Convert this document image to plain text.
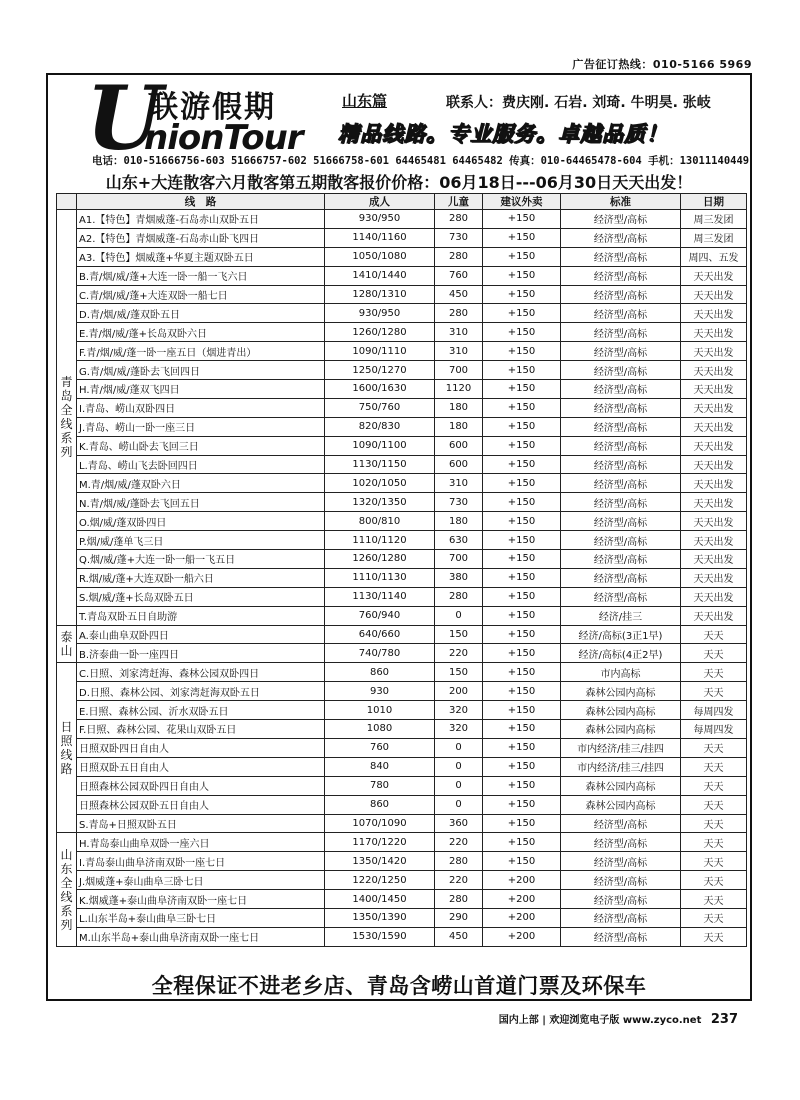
广告征订热线：010-5166 5969
U
联游假期
nionTour
山东篇	联系人：费庆刚. 石岩. 刘琦. 牛明昊. 张岐
精品线路。专业服务。卓越品质！
电话：010-51666756-603 51666757-602 51666758-601 64465481 64465482 传真：010-64465478-604 手机：13011140449
山东+大连散客六月散客第五期散客报价价格：06月18日---06月30日天天出发！
	线　路	成人	儿童	建议外卖	标准	日期
青岛全线系列	A1.【特色】青烟威蓬-石岛赤山双卧五日	930/950	280	+150	经济型/高标	周三发团
	A2.【特色】青烟威蓬-石岛赤山卧飞四日	1140/1160	730	+150	经济型/高标	周三发团
	A3.【特色】烟威蓬+华夏主题双卧五日	1050/1080	280	+150	经济型/高标	周四、五发
	B.青/烟/威/蓬+大连一卧一船一飞六日	1410/1440	760	+150	经济型/高标	天天出发
	C.青/烟/威/蓬+大连双卧一船七日	1280/1310	450	+150	经济型/高标	天天出发
	D.青/烟/威/蓬双卧五日	930/950	280	+150	经济型/高标	天天出发
	E.青/烟/威/蓬+长岛双卧六日	1260/1280	310	+150	经济型/高标	天天出发
	F.青/烟/威/蓬一卧一座五日（烟进青出）	1090/1110	310	+150	经济型/高标	天天出发
	G.青/烟/威/蓬卧去飞回四日	1250/1270	700	+150	经济型/高标	天天出发
	H.青/烟/威/蓬双飞四日	1600/1630	1120	+150	经济型/高标	天天出发
	I.青岛、崂山双卧四日	750/760	180	+150	经济型/高标	天天出发
	J.青岛、崂山一卧一座三日	820/830	180	+150	经济型/高标	天天出发
	K.青岛、崂山卧去飞回三日	1090/1100	600	+150	经济型/高标	天天出发
	L.青岛、崂山飞去卧回四日	1130/1150	600	+150	经济型/高标	天天出发
	M.青/烟/威/蓬双卧六日	1020/1050	310	+150	经济型/高标	天天出发
	N.青/烟/威/蓬卧去飞回五日	1320/1350	730	+150	经济型/高标	天天出发
	O.烟/威/蓬双卧四日	800/810	180	+150	经济型/高标	天天出发
	P.烟/威/蓬单飞三日	1110/1120	630	+150	经济型/高标	天天出发
	Q.烟/威/蓬+大连一卧一船一飞五日	1260/1280	700	+150	经济型/高标	天天出发
	R.烟/威/蓬+大连双卧一船六日	1110/1130	380	+150	经济型/高标	天天出发
	S.烟/威/蓬+长岛双卧五日	1130/1140	280	+150	经济型/高标	天天出发
	T.青岛双卧五日自助游	760/940	0	+150	经济/挂三	天天出发
泰山	A.泰山曲阜双卧四日	640/660	150	+150	经济/高标(3正1早)	天天
	B.济泰曲一卧一座四日	740/780	220	+150	经济/高标(4正2早)	天天
日照线路	C.日照、刘家湾赶海、森林公园双卧四日	860	150	+150	市内高标	天天
	D.日照、森林公园、刘家湾赶海双卧五日	930	200	+150	森林公园内高标	天天
	E.日照、森林公园、沂水双卧五日	1010	320	+150	森林公园内高标	每周四发
	F.日照、森林公园、花果山双卧五日	1080	320	+150	森林公园内高标	每周四发
	日照双卧四日自由人	760	0	+150	市内经济/挂三/挂四	天天
	日照双卧五日自由人	840	0	+150	市内经济/挂三/挂四	天天
	日照森林公园双卧四日自由人	780	0	+150	森林公园内高标	天天
	日照森林公园双卧五日自由人	860	0	+150	森林公园内高标	天天
	S.青岛+日照双卧五日	1070/1090	360	+150	经济型/高标	天天
山东全线系列	H.青岛泰山曲阜双卧一座六日	1170/1220	220	+150	经济型/高标	天天
	I.青岛泰山曲阜济南双卧一座七日	1350/1420	280	+150	经济型/高标	天天
	J.烟威蓬+泰山曲阜三卧七日	1220/1250	220	+200	经济型/高标	天天
	K.烟威蓬+泰山曲阜济南双卧一座七日	1400/1450	280	+200	经济型/高标	天天
	L.山东半岛+泰山曲阜三卧七日	1350/1390	290	+200	经济型/高标	天天
	M.山东半岛+泰山曲阜济南双卧一座七日	1530/1590	450	+200	经济型/高标	天天
全程保证不进老乡店、青岛含崂山首道门票及环保车
国内上部 | 欢迎浏览电子版 www.zyco.net 237
